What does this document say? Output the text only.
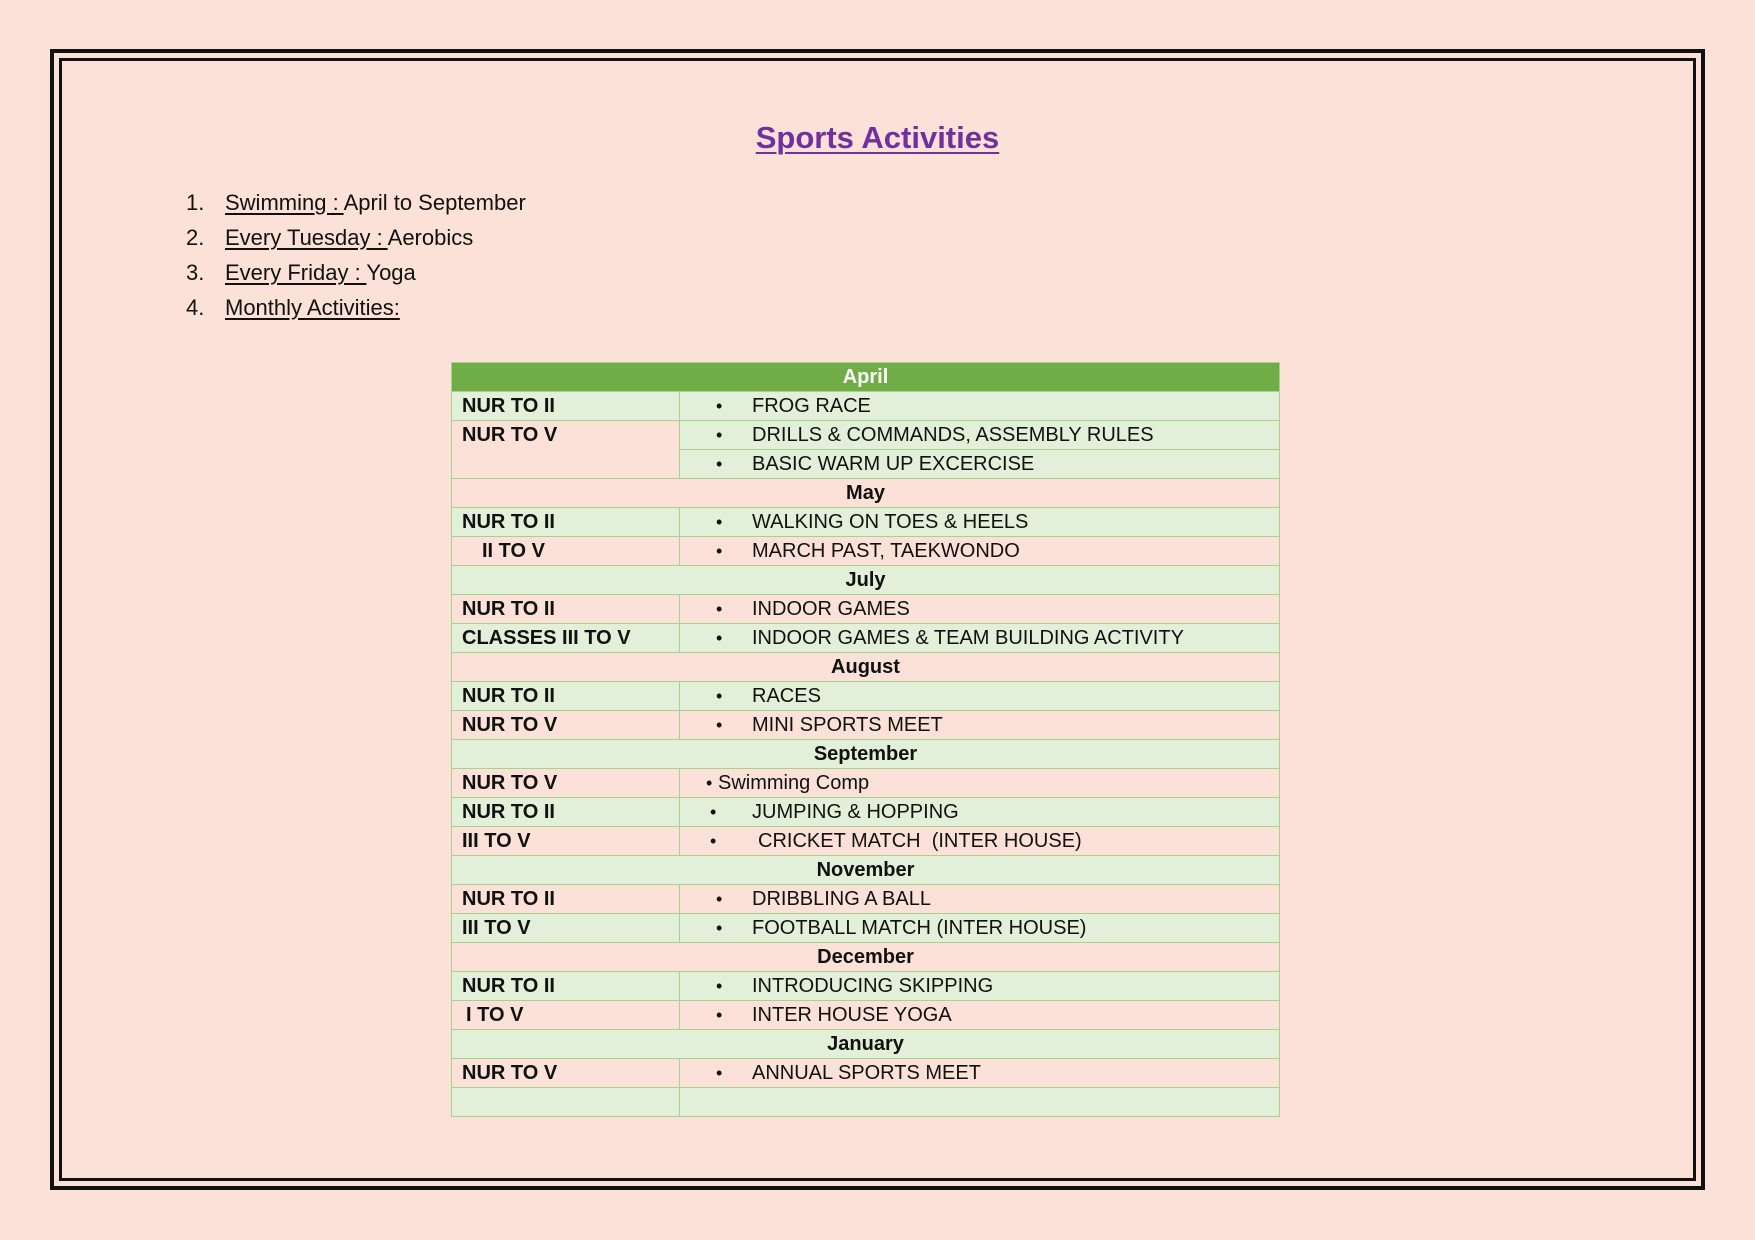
Sports Activities
1. Swimming : April to September
2. Every Tuesday : Aerobics
3. Every Friday : Yoga
4. Monthly Activities:
April	
NUR TO II	• FROG RACE
NUR TO V	• DRILLS & COMMANDS, ASSEMBLY RULES
	• BASIC WARM UP EXCERCISE
May	
NUR TO II	• WALKING ON TOES & HEELS
II TO V	• MARCH PAST, TAEKWONDO
July	
NUR TO II	• INDOOR GAMES
CLASSES III TO V	• INDOOR GAMES & TEAM BUILDING ACTIVITY
August	
NUR TO II	• RACES
NUR TO V	• MINI SPORTS MEET
September	
NUR TO V	• Swimming Comp
NUR TO II	• JUMPING & HOPPING
III TO V	• CRICKET MATCH  (INTER HOUSE)
November	
NUR TO II	• DRIBBLING A BALL
III TO V	• FOOTBALL MATCH (INTER HOUSE)
December	
NUR TO II	• INTRODUCING SKIPPING
I TO V	• INTER HOUSE YOGA
January	
NUR TO V	• ANNUAL SPORTS MEET
